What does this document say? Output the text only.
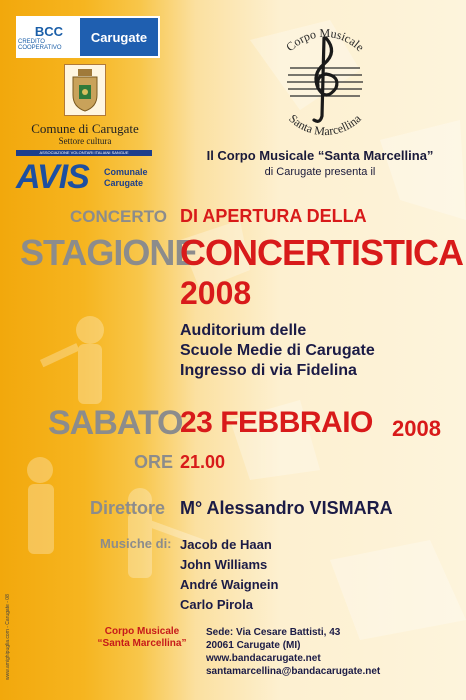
BCC
CREDITO COOPERATIVO
Carugate
Comune di Carugate
Settore cultura
ASSOCIAZIONE VOLONTARI ITALIANI SANGUE
AVIS Comunale
Carugate
Corpo Musicale
Santa Marcellina
Il Corpo Musicale “Santa Marcellina”
di Carugate presenta il
CONCERTO DI APERTURA DELLA
STAGIONE
CONCERTISTICA
2008
Auditorium delle
Scuole Medie di Carugate
Ingresso di via Fidelina
SABATO
23 FEBBRAIO 2008
ORE 21.00
Direttore M° Alessandro VISMARA
Musiche di: Jacob de Haan
John Williams
André Waignein
Carlo Pirola
Corpo Musicale
“Santa Marcellina”
Sede: Via Cesare Battisti, 43
20061 Carugate (MI)
www.bandacarugate.net
santamarcellina@bandacarugate.net
www.amighipuglia.com - Carugate - 08
